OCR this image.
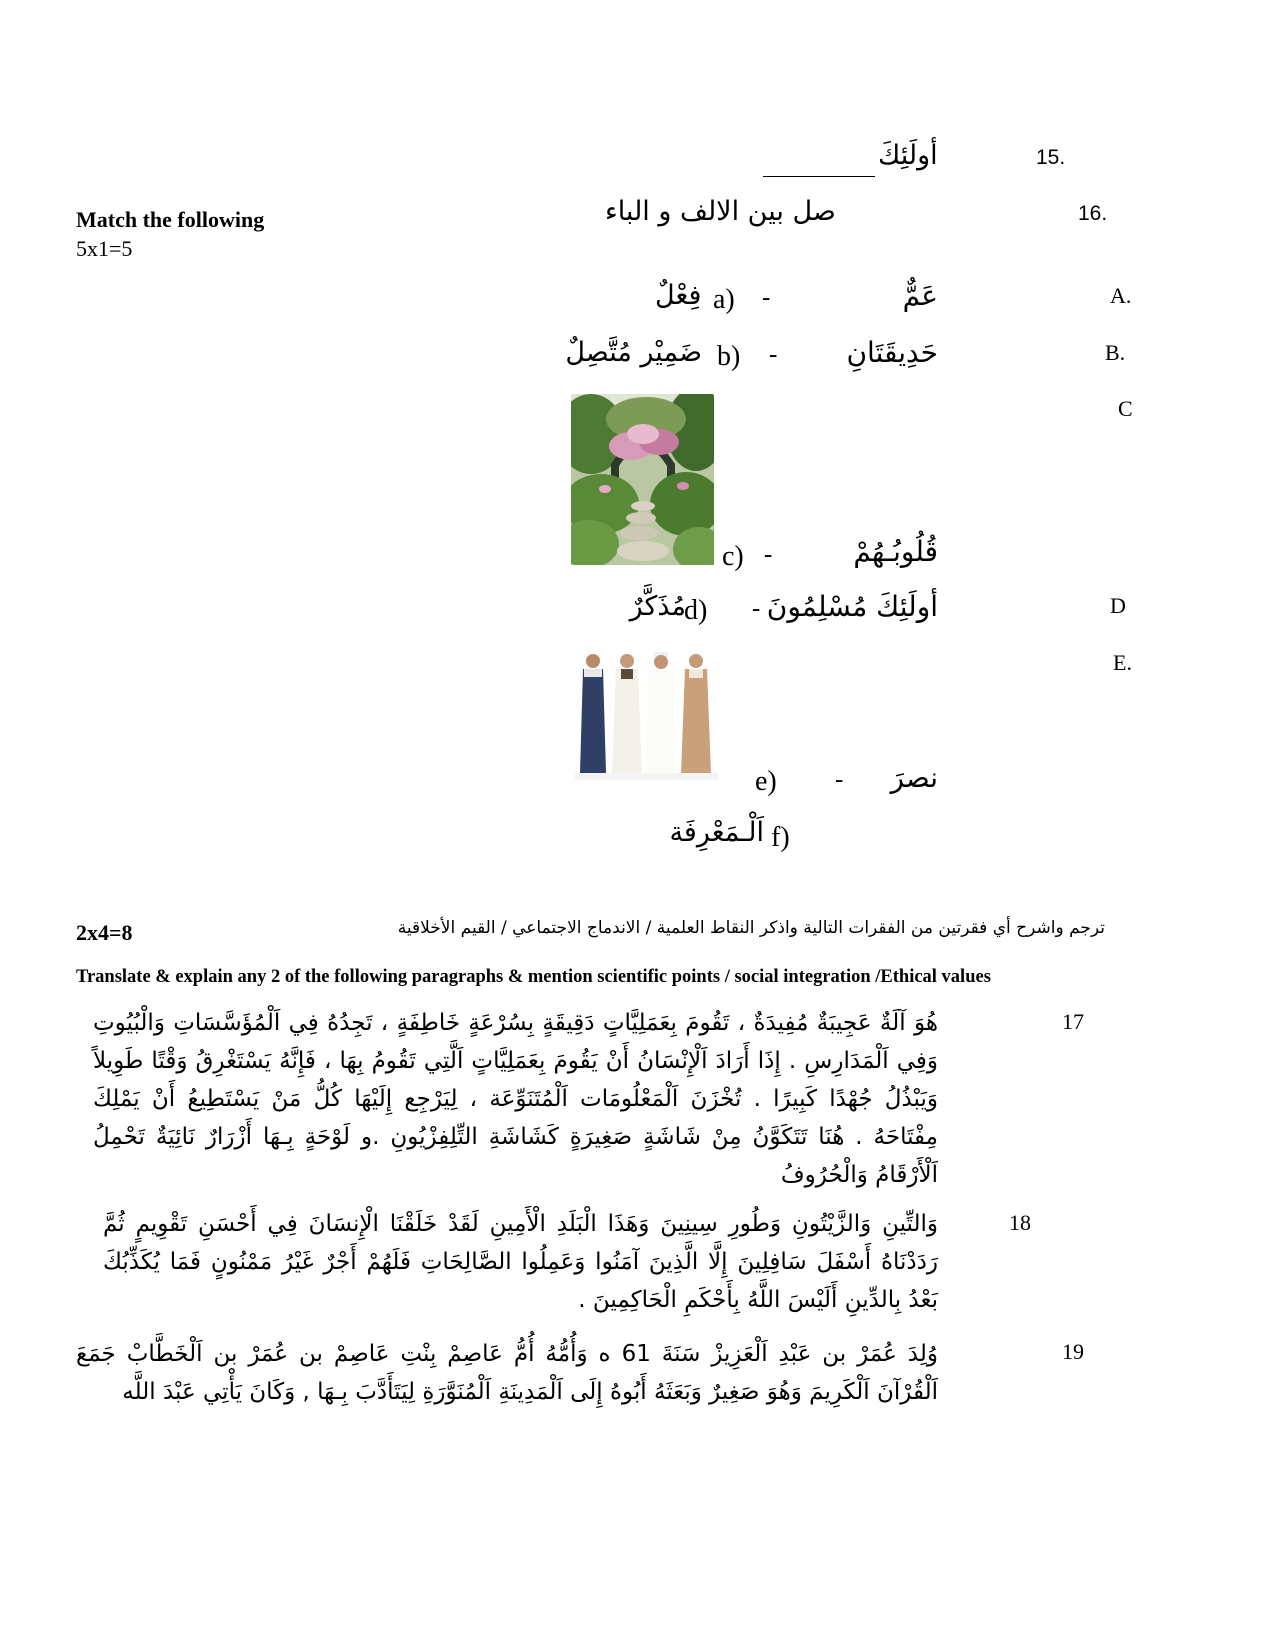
15.
أولَئِكَ
16.
صل بين الالف و الباء
Match the following
5x1=5
A.
عَمٌّ
-
a)
فِعْلٌ
B.
حَدِيقَتَانِ
-
b)
ضَمِيْر مُتَّصِلٌ
C
قُلُوبُـهُمْ
-
c)
D
أولَئِكَ مُسْلِمُونَ
-
d)
مُذَكَّرٌ
E.
نصرَ
-
e)
f)
اَلْـمَعْرِفَة
ترجم واشرح أي فقرتين من الفقرات التالية واذكر النقاط العلمية / الاندماج الاجتماعي / القيم الأخلاقية
2x4=8
Translate & explain any 2 of the following paragraphs & mention scientific points / social integration /Ethical values
17

هُوَ آلَةٌ عَجِيبَةٌ مُفِيدَةٌ ، تَقُومَ بِعَمَلِيَّاتٍ دَقِيقَةٍ بِسُرْعَةٍ خَاطِفَةٍ ، تَجِدُهُ فِي اَلْمُؤَسَّسَاتِ وَالْبُيُوتِ وَفِي اَلْمَدَارِسِ . إِذَا أَرَادَ اَلْإِنْسَانُ أَنْ يَقُومَ بِعَمَلِيَّاتٍ اَلَّتِي تَقُومُ بِهَا ، فَإِنَّهُ يَسْتَغْرِقُ وَقْتًا طَوِيلاً وَيَبْذُلُ جُهْدًا كَبِيرًا . تُخْزَنَ اَلْمَعْلُومَات اَلْمُتَنَوِّعَة ، لِيَرْجِع إِلَيْهَا كُلُّ مَنْ يَسْتَطِيعُ أَنْ يَمْلِكَ مِفْتَاحَهُ . هُنَا تَتَكَوَّنُ مِنْ شَاشَةٍ صَغِيرَةٍ كَشَاشَةِ التِّلِفِزْيُونِ .و لَوْحَةٍ بِـهَا أَزْرَارٌ نَائِيَةٌ تَحْمِلُ اَلْأَرْقَامُ وَالْحُرُوفُ

18

وَالتِّينِ وَالزَّيْتُونِ وَطُورِ سِينِينَ وَهَذَا الْبَلَدِ الْأَمِينِ لَقَدْ خَلَقْنَا الْإِنسَانَ فِي أَحْسَنِ تَقْوِيمٍ ثُمَّ رَدَدْنَاهُ أَسْفَلَ سَافِلِينَ إِلَّا الَّذِينَ آمَنُوا وَعَمِلُوا الصَّالِحَاتِ فَلَهُمْ أَجْرٌ غَيْرُ مَمْنُونٍ فَمَا يُكَذِّبُكَ بَعْدُ بِالدِّينِ أَلَيْسَ اللَّهُ بِأَحْكَمِ الْحَاكِمِينَ .

19

وُلِدَ عُمَرْ بن عَبْدِ اَلْعَزِيزْ سَنَةَ 61 ه وَأُمُّهُ أُمُّ عَاصِمْ بِنْتِ عَاصِمْ بن عُمَرْ بن اَلْخَطَّابْ جَمَعَ اَلْقُرْآنَ اَلْكَرِيمَ وَهُوَ صَغِيرٌ وَبَعَثَهُ أَبُوهُ إِلَى اَلْمَدِينَةِ اَلْمُنَوَّرَةِ لِيَتَأَدَّبَ بِـهَا , وَكَانَ يَأْتِي عَبْدَ اللَّه
